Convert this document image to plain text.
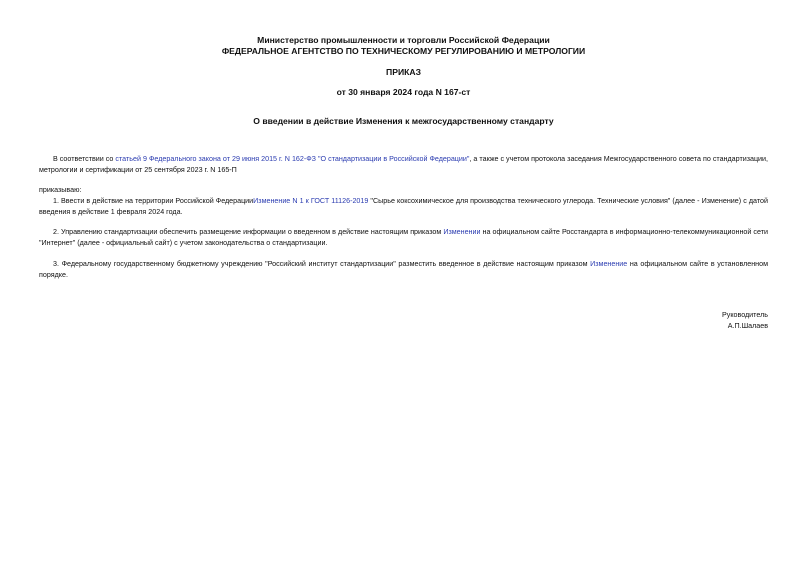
Министерство промышленности и торговли Российской Федерации
ФЕДЕРАЛЬНОЕ АГЕНТСТВО ПО ТЕХНИЧЕСКОМУ РЕГУЛИРОВАНИЮ И МЕТРОЛОГИИ
ПРИКАЗ
от 30 января 2024 года N 167-ст
О введении в действие Изменения к межгосударственному стандарту
В соответствии со статьей 9 Федерального закона от 29 июня 2015 г. N 162-ФЗ "О стандартизации в Российской Федерации", а также с учетом протокола заседания Межгосударственного совета по стандартизации, метрологии и сертификации от 25 сентября 2023 г. N 165-П
приказываю:
1. Ввести в действие на территории Российской ФедерацииИзменение N 1 к ГОСТ 11126-2019 "Сырье коксохимическое для производства технического углерода. Технические условия" (далее - Изменение) с датой введения в действие 1 февраля 2024 года.
2. Управлению стандартизации обеспечить размещение информации о введенном в действие настоящим приказом Изменении на официальном сайте Росстандарта в информационно-телекоммуникационной сети "Интернет" (далее - официальный сайт) с учетом законодательства о стандартизации.
3. Федеральному государственному бюджетному учреждению "Российский институт стандартизации" разместить введенное в действие настоящим приказом Изменение на официальном сайте в установленном порядке.
Руководитель
А.П.Шалаев
